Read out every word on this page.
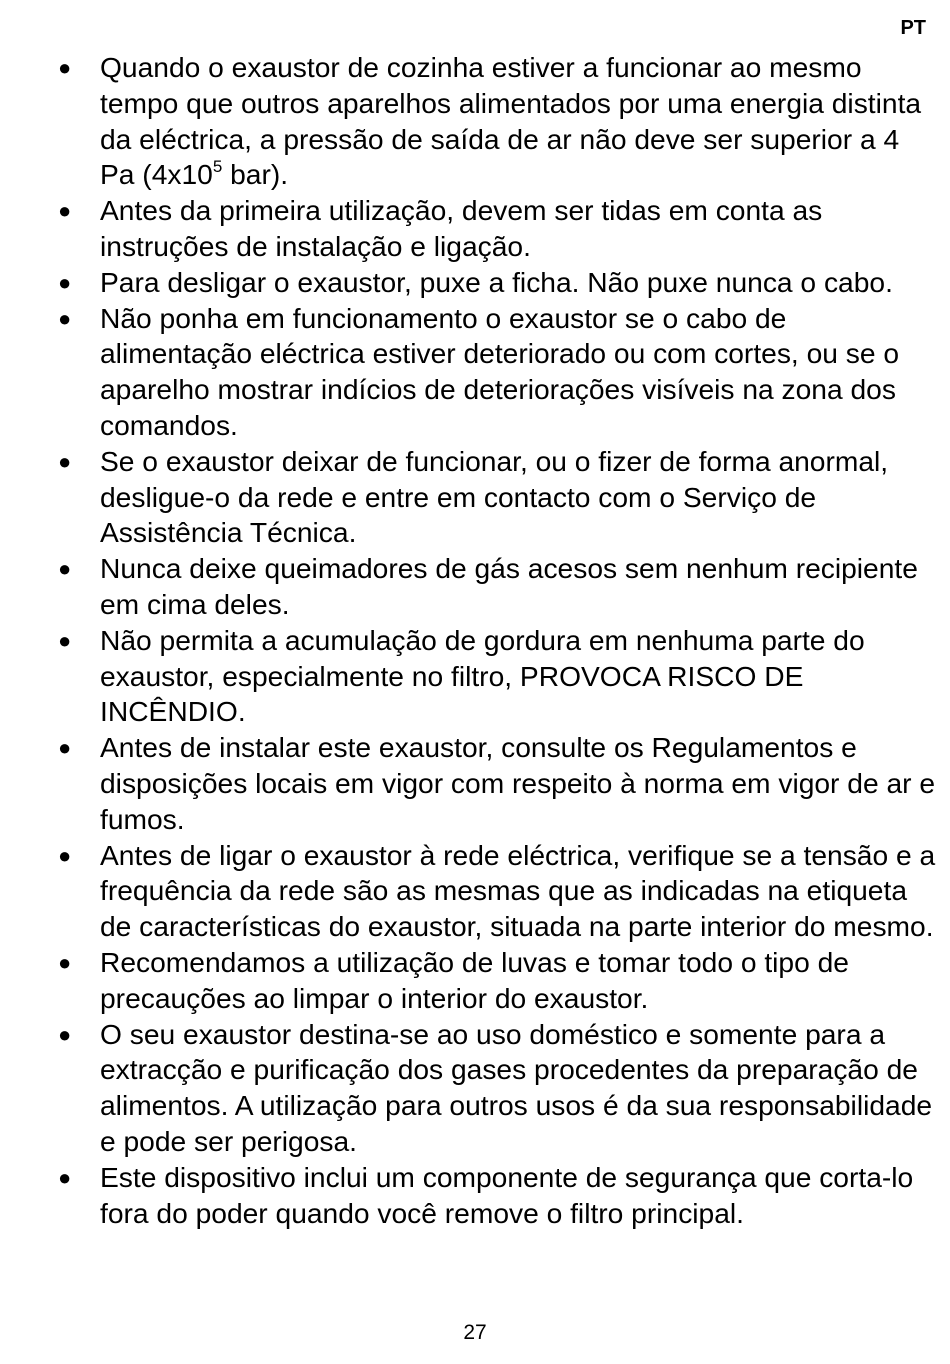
PT
● Quando o exaustor de cozinha estiver a funcionar ao mesmo tempo que outros aparelhos alimentados por uma energia distinta da eléctrica, a pressão de saída de ar não deve ser superior a 4 Pa ($4x10^5$ bar).
● Antes da primeira utilização, devem ser tidas em conta as instruções de instalação e ligação.
● Para desligar o exaustor, puxe a ficha. Não puxe nunca o cabo.
● Não ponha em funcionamento o exaustor se o cabo de alimentação eléctrica estiver deteriorado ou com cortes, ou se o aparelho mostrar indícios de deteriorações visíveis na zona dos comandos.
● Se o exaustor deixar de funcionar, ou o fizer de forma anormal, desligue-o da rede e entre em contacto com o Serviço de Assistência Técnica.
● Nunca deixe queimadores de gás acesos sem nenhum recipiente em cima deles.
● Não permita a acumulação de gordura em nenhuma parte do exaustor, especialmente no filtro, PROVOCA RISCO DE INCÊNDIO.
● Antes de instalar este exaustor, consulte os Regulamentos e disposições locais em vigor com respeito à norma em vigor de ar e fumos.
● Antes de ligar o exaustor à rede eléctrica, verifique se a tensão e a frequência da rede são as mesmas que as indicadas na etiqueta de características do exaustor, situada na parte interior do mesmo.
● Recomendamos a utilização de luvas e tomar todo o tipo de precauções ao limpar o interior do exaustor.
● O seu exaustor destina-se ao uso doméstico e somente para a extracção e purificação dos gases procedentes da preparação de alimentos. A utilização para outros usos é da sua responsabilidade e pode ser perigosa.
● Este dispositivo inclui um componente de segurança que corta-lo fora do poder quando você remove o filtro principal.
27
